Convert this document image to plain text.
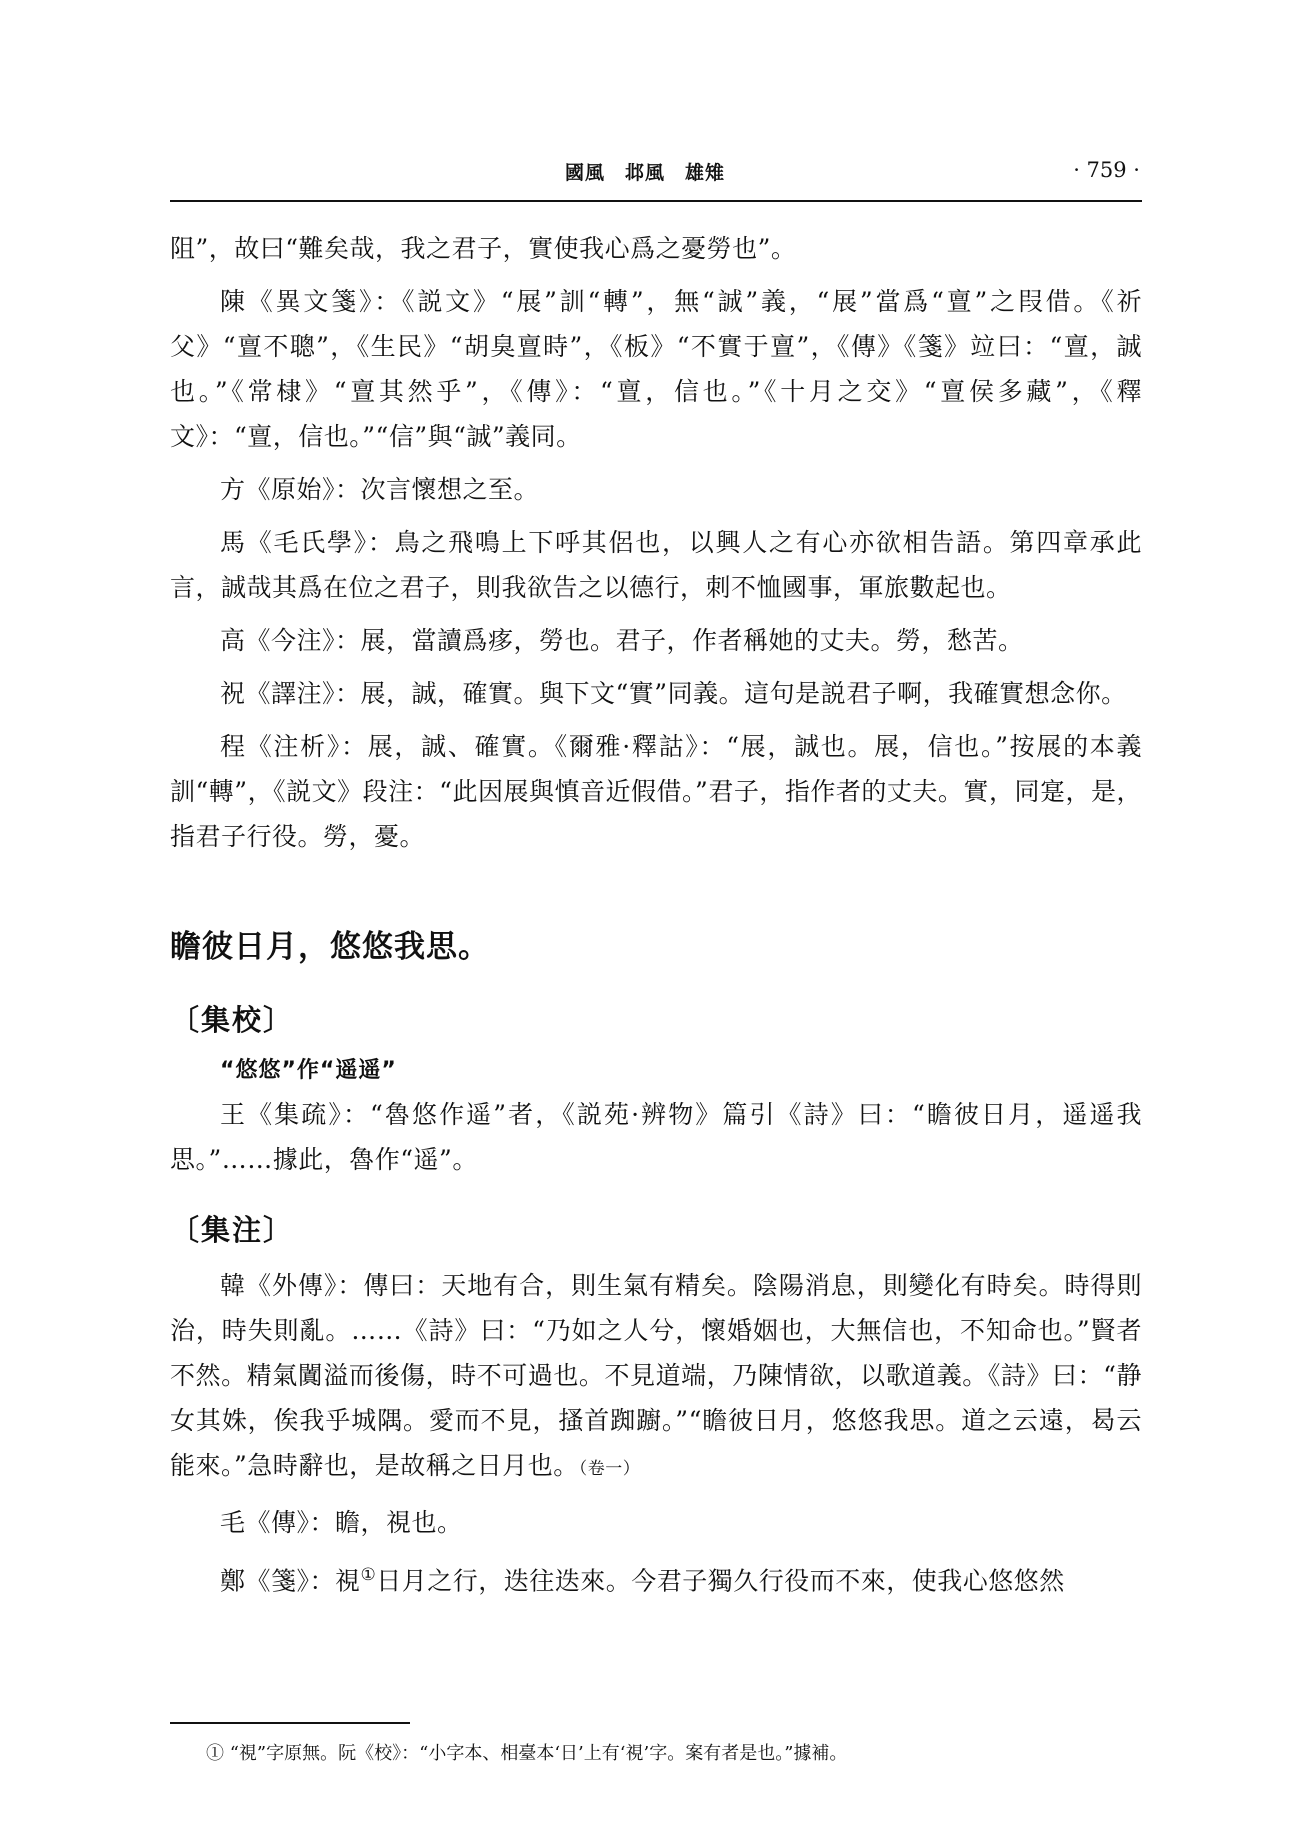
國風　邶風　雄雉	· 759 ·

阻”，故曰“難矣哉，我之君子，實使我心爲之憂勞也”。

陳《異文箋》：《説文》“展”訓“轉”，無“誠”義，“展”當爲“亶”之叚借。《祈父》“亶不聰”，《生民》“胡臭亶時”，《板》“不實于亶”，《傳》《箋》竝曰：“亶，誠也。”《常棣》“亶其然乎”，《傳》：“亶，信也。”《十月之交》“亶侯多藏”，《釋文》：“亶，信也。”“信”與“誠”義同。

方《原始》：次言懷想之至。

馬《毛氏學》：鳥之飛鳴上下呼其侶也，以興人之有心亦欲相告語。第四章承此言，誠哉其爲在位之君子，則我欲告之以德行，刺不恤國事，軍旅數起也。

高《今注》：展，當讀爲痑，勞也。君子，作者稱她的丈夫。勞，愁苦。

祝《譯注》：展，誠，確實。與下文“實”同義。這句是説君子啊，我確實想念你。

程《注析》：展，誠、確實。《爾雅·釋詁》：“展，誠也。展，信也。”按展的本義訓“轉”，《説文》段注：“此因展與慎音近假借。”君子，指作者的丈夫。實，同寔，是，指君子行役。勞，憂。

瞻彼日月，悠悠我思。
〔集校〕
“悠悠”作“遥遥”

王《集疏》：“魯悠作遥”者，《説苑·辨物》篇引《詩》曰：“瞻彼日月，遥遥我思。”……據此，魯作“遥”。

〔集注〕

韓《外傳》：傳曰：天地有合，則生氣有精矣。陰陽消息，則變化有時矣。時得則治，時失則亂。……《詩》曰：“乃如之人兮，懷婚姻也，大無信也，不知命也。”賢者不然。精氣闐溢而後傷，時不可過也。不見道端，乃陳情欲，以歌道義。《詩》曰：“静女其姝，俟我乎城隅。愛而不見，搔首踟躕。”“瞻彼日月，悠悠我思。道之云遠，曷云能來。”急時辭也，是故稱之日月也。（卷一）

毛《傳》：瞻，視也。

鄭《箋》：視①日月之行，迭往迭來。今君子獨久行役而不來，使我心悠悠然

① “視”字原無。阮《校》：“小字本、相臺本‘日’上有‘視’字。案有者是也。”據補。
